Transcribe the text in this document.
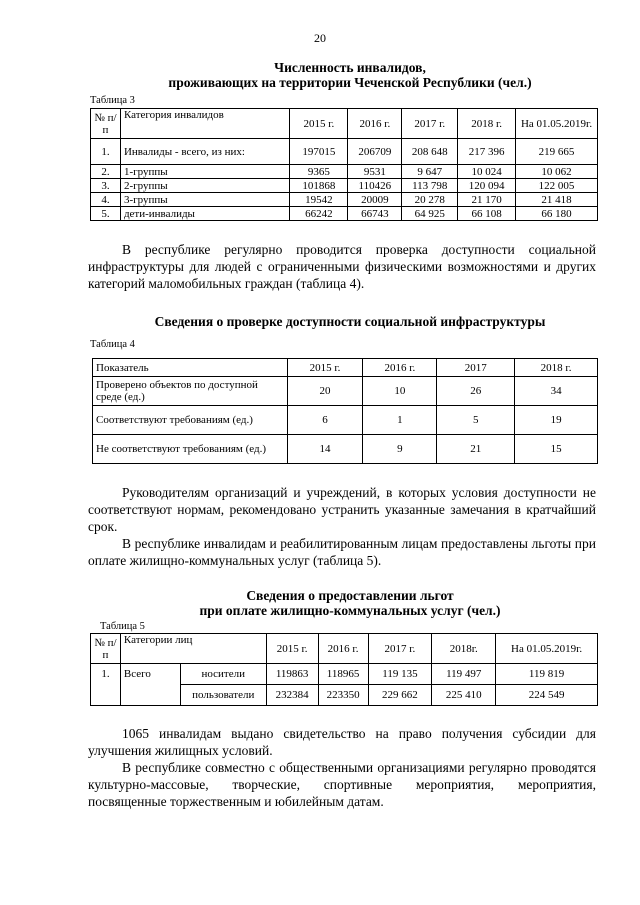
20
Численность инвалидов,
проживающих на территории Чеченской Республики (чел.)
Таблица 3
№ п/п	Категория инвалидов	2015 г.	2016 г.	2017 г.	2018 г.	На 01.05.2019г.
1.	Инвалиды - всего, из них:	197015	206709	208 648	217 396	219 665
2.	1-группы	9365	9531	9 647	10 024	10 062
3.	2-группы	101868	110426	113 798	120 094	122 005
4.	3-группы	19542	20009	20 278	21 170	21 418
5.	дети-инвалиды	66242	66743	64 925	66 108	66 180

В республике регулярно проводится проверка доступности социальной инфраструктуры для людей с ограниченными физическими возможностями и других категорий маломобильных граждан (таблица 4).

Сведения о проверке доступности социальной инфраструктуры
Таблица 4
Показатель	2015 г.	2016 г.	2017	2018 г.
Проверено объектов по доступной среде (ед.)	20	10	26	34
Соответствуют требованиям (ед.)	6	1	5	19
Не соответствуют требованиям (ед.)	14	9	21	15

Руководителям организаций и учреждений, в которых условия доступности не соответствуют нормам, рекомендовано устранить указанные замечания в кратчайший срок.

В республике инвалидам и реабилитированным лицам предоставлены льготы при оплате жилищно-коммунальных услуг (таблица 5).

Сведения о предоставлении льгот
при оплате жилищно-коммунальных услуг (чел.)
Таблица 5
№ п/п	Категории лиц		2015 г.	2016 г.	2017 г.	2018г.	На 01.05.2019г.
1.	Всего	носители	119863	118965	119 135	119 497	119 819
		пользователи	232384	223350	229 662	225 410	224 549

1065 инвалидам выдано свидетельство на право получения субсидии для улучшения жилищных условий.

В республике совместно с общественными организациями регулярно проводятся культурно-массовые, творческие, спортивные мероприятия, мероприятия, посвященные торжественным и юбилейным датам.
